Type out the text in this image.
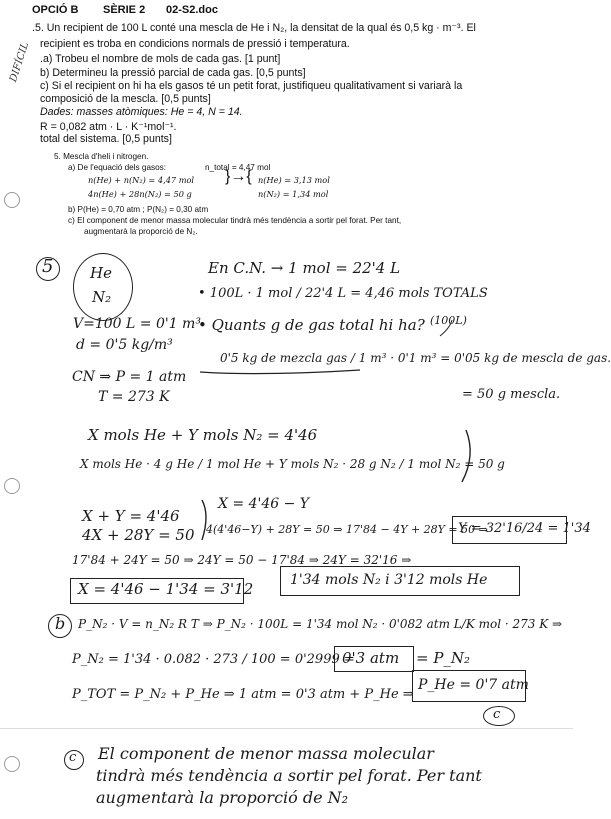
OPCIÓ B SÈRIE 2 02-S2.doc
.5. Un recipient de 100 L conté una mescla de He i N₂, la densitat de la qual és 0,5 kg · m⁻³. El
recipient es troba en condicions normals de pressió i temperatura.
.a) Trobeu el nombre de mols de cada gas. [1 punt]
b) Determineu la pressió parcial de cada gas. [0,5 punts]
c) Si el recipient on hi ha els gasos té un petit forat, justifiqueu qualitativament si variarà la
composició de la mescla. [0,5 punts]
Dades: masses atòmiques: He = 4, N = 14.
R = 0,082 atm · L · K⁻¹mol⁻¹.
total del sistema. [0,5 punts]
5. Mescla d'heli i nitrogen.
a) De l'equació dels gasos:	n_total = 4,47 mol
n(He) + n(N₂) = 4,47 mol
4n(He) + 28n(N₂) = 50 g
}→{ n(He) = 3,13 mol
n(N₂) = 1,34 mol
b) P(He) = 0,70 atm ; P(N₂) = 0,30 atm
c) El component de menor massa molecular tindrà més tendència a sortir pel forat. Per tant,
augmentarà la proporció de N₂.
DIFÍCIL
5 He
N₂
V=100 L = 0'1 m³
d = 0'5 kg/m³
CN ⇒ P = 1 atm
T = 273 K
En C.N. → 1 mol = 22'4 L
• 100L · 1 mol / 22'4 L = 4,46 mols TOTALS
• Quants g de gas total hi ha? (100L)
0'5 kg de mezcla gas / 1 m³ · 0'1 m³ = 0'05 kg de mescla de gas.
= 50 g mescla.
X mols He + Y mols N₂ = 4'46
X mols He · 4 g He / 1 mol He + Y mols N₂ · 28 g N₂ / 1 mol N₂ = 50 g
X + Y = 4'46
4X + 28Y = 50
X = 4'46 − Y
4(4'46−Y) + 28Y = 50 ⇒ 17'84 − 4Y + 28Y = 50 ⇒
Y = 32'16/24 = 1'34
17'84 + 24Y = 50 ⇒ 24Y = 50 − 17'84 ⇒ 24Y = 32'16 ⇒
X = 4'46 − 1'34 = 3'12	1'34 mols N₂ i 3'12 mols He
b P_N₂ · V = n_N₂ R T ⇒ P_N₂ · 100L = 1'34 mol N₂ · 0'082 atm L/K mol · 273 K ⇒
P_N₂ = 1'34 · 0.082 · 273 / 100 = 0'2999 =
0'3 atm = P_N₂
P_TOT = P_N₂ + P_He ⇒ 1 atm = 0'3 atm + P_He ⇒
P_He = 0'7 atm
c
c El component de menor massa molecular
tindrà més tendència a sortir pel forat. Per tant
augmentarà la proporció de N₂
